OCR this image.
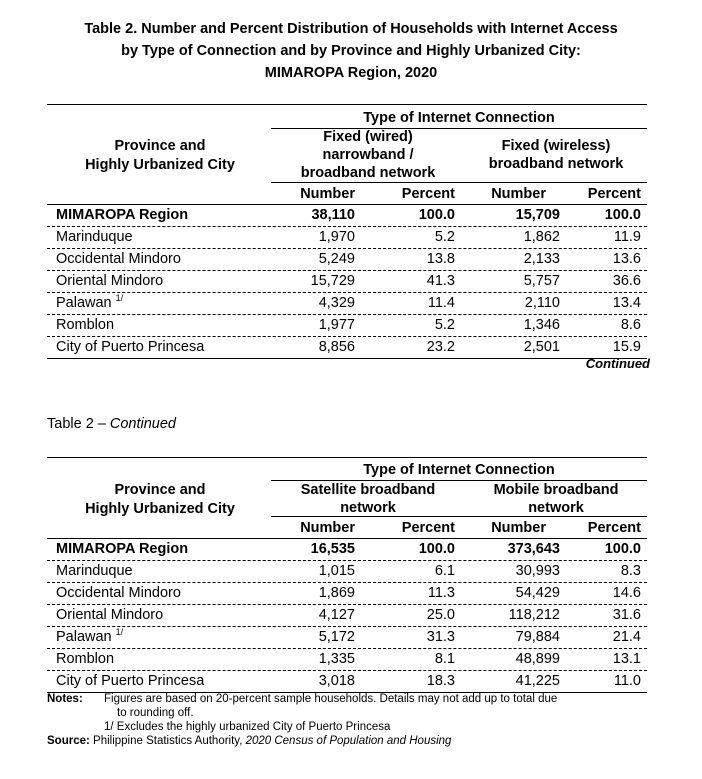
Table 2. Number and Percent Distribution of Households with Internet Access
by Type of Connection and by Province and Highly Urbanized City:
MIMAROPA Region, 2020
Type of Internet Connection
Province and
Highly Urbanized City
Fixed (wired)
narrowband /
broadband network
Fixed (wireless)
broadband network
Number	Percent	Number	Percent
MIMAROPA Region	38,110	100.0	15,709	100.0
Marinduque	1,970	5.2	1,862	11.9
Occidental Mindoro	5,249	13.8	2,133	13.6
Oriental Mindoro	15,729	41.3	5,757	36.6
Palawan $^{1/}$	4,329	11.4	2,110	13.4
Romblon	1,977	5.2	1,346	8.6
City of Puerto Princesa	8,856	23.2	2,501	15.9
Continued
Table 2 – Continued
Type of Internet Connection
Province and
Highly Urbanized City
Satellite broadband
network
Mobile broadband
network
Number	Percent	Number	Percent
MIMAROPA Region	16,535	100.0	373,643	100.0
Marinduque	1,015	6.1	30,993	8.3
Occidental Mindoro	1,869	11.3	54,429	14.6
Oriental Mindoro	4,127	25.0	118,212	31.6
Palawan $^{1/}$	5,172	31.3	79,884	21.4
Romblon	1,335	8.1	48,899	13.1
City of Puerto Princesa	3,018	18.3	41,225	11.0
Notes: Figures are based on 20-percent sample households. Details may not add up to total due
to rounding off.
1/ Excludes the highly urbanized City of Puerto Princesa
Source: Philippine Statistics Authority, 2020 Census of Population and Housing
